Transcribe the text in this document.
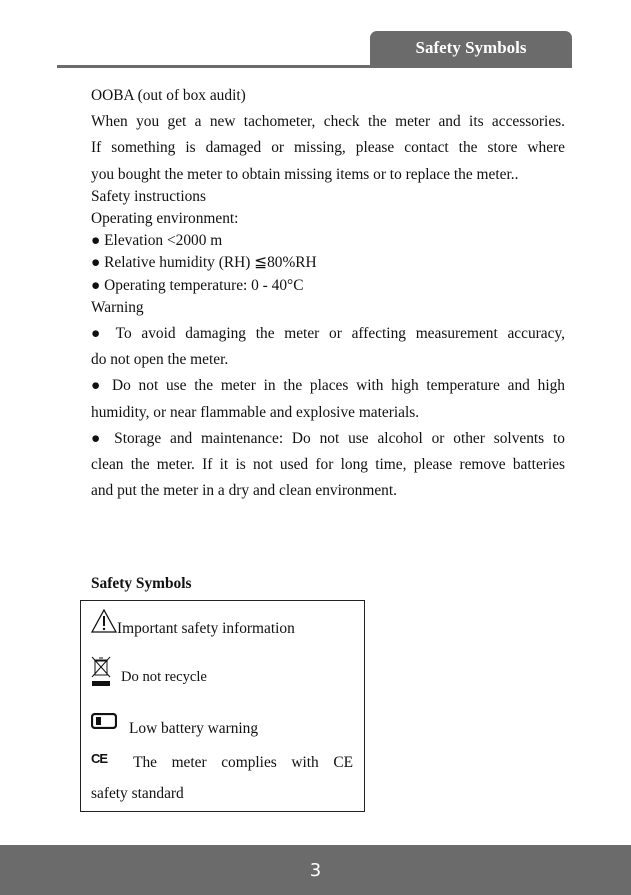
Safety Symbols

OOBA (out of box audit)

When you get a new tachometer, check the meter and its accessories.

If something is damaged or missing, please contact the store where

you bought the meter to obtain missing items or to replace the meter..

Safety instructions

Operating environment:

● Elevation <2000 m

● Relative humidity (RH) ≦80%RH

● Operating temperature: 0 - 40°C

Warning

● To avoid damaging the meter or affecting measurement accuracy,

do not open the meter.

● Do not use the meter in the places with high temperature and high

humidity, or near flammable and explosive materials.

● Storage and maintenance: Do not use alcohol or other solvents to

clean the meter. If it is not used for long time, please remove batteries

and put the meter in a dry and clean environment.

Safety Symbols
Important safety information
Do not recycle
Low battery warning
CE The meter complies with CE
safety standard
3
